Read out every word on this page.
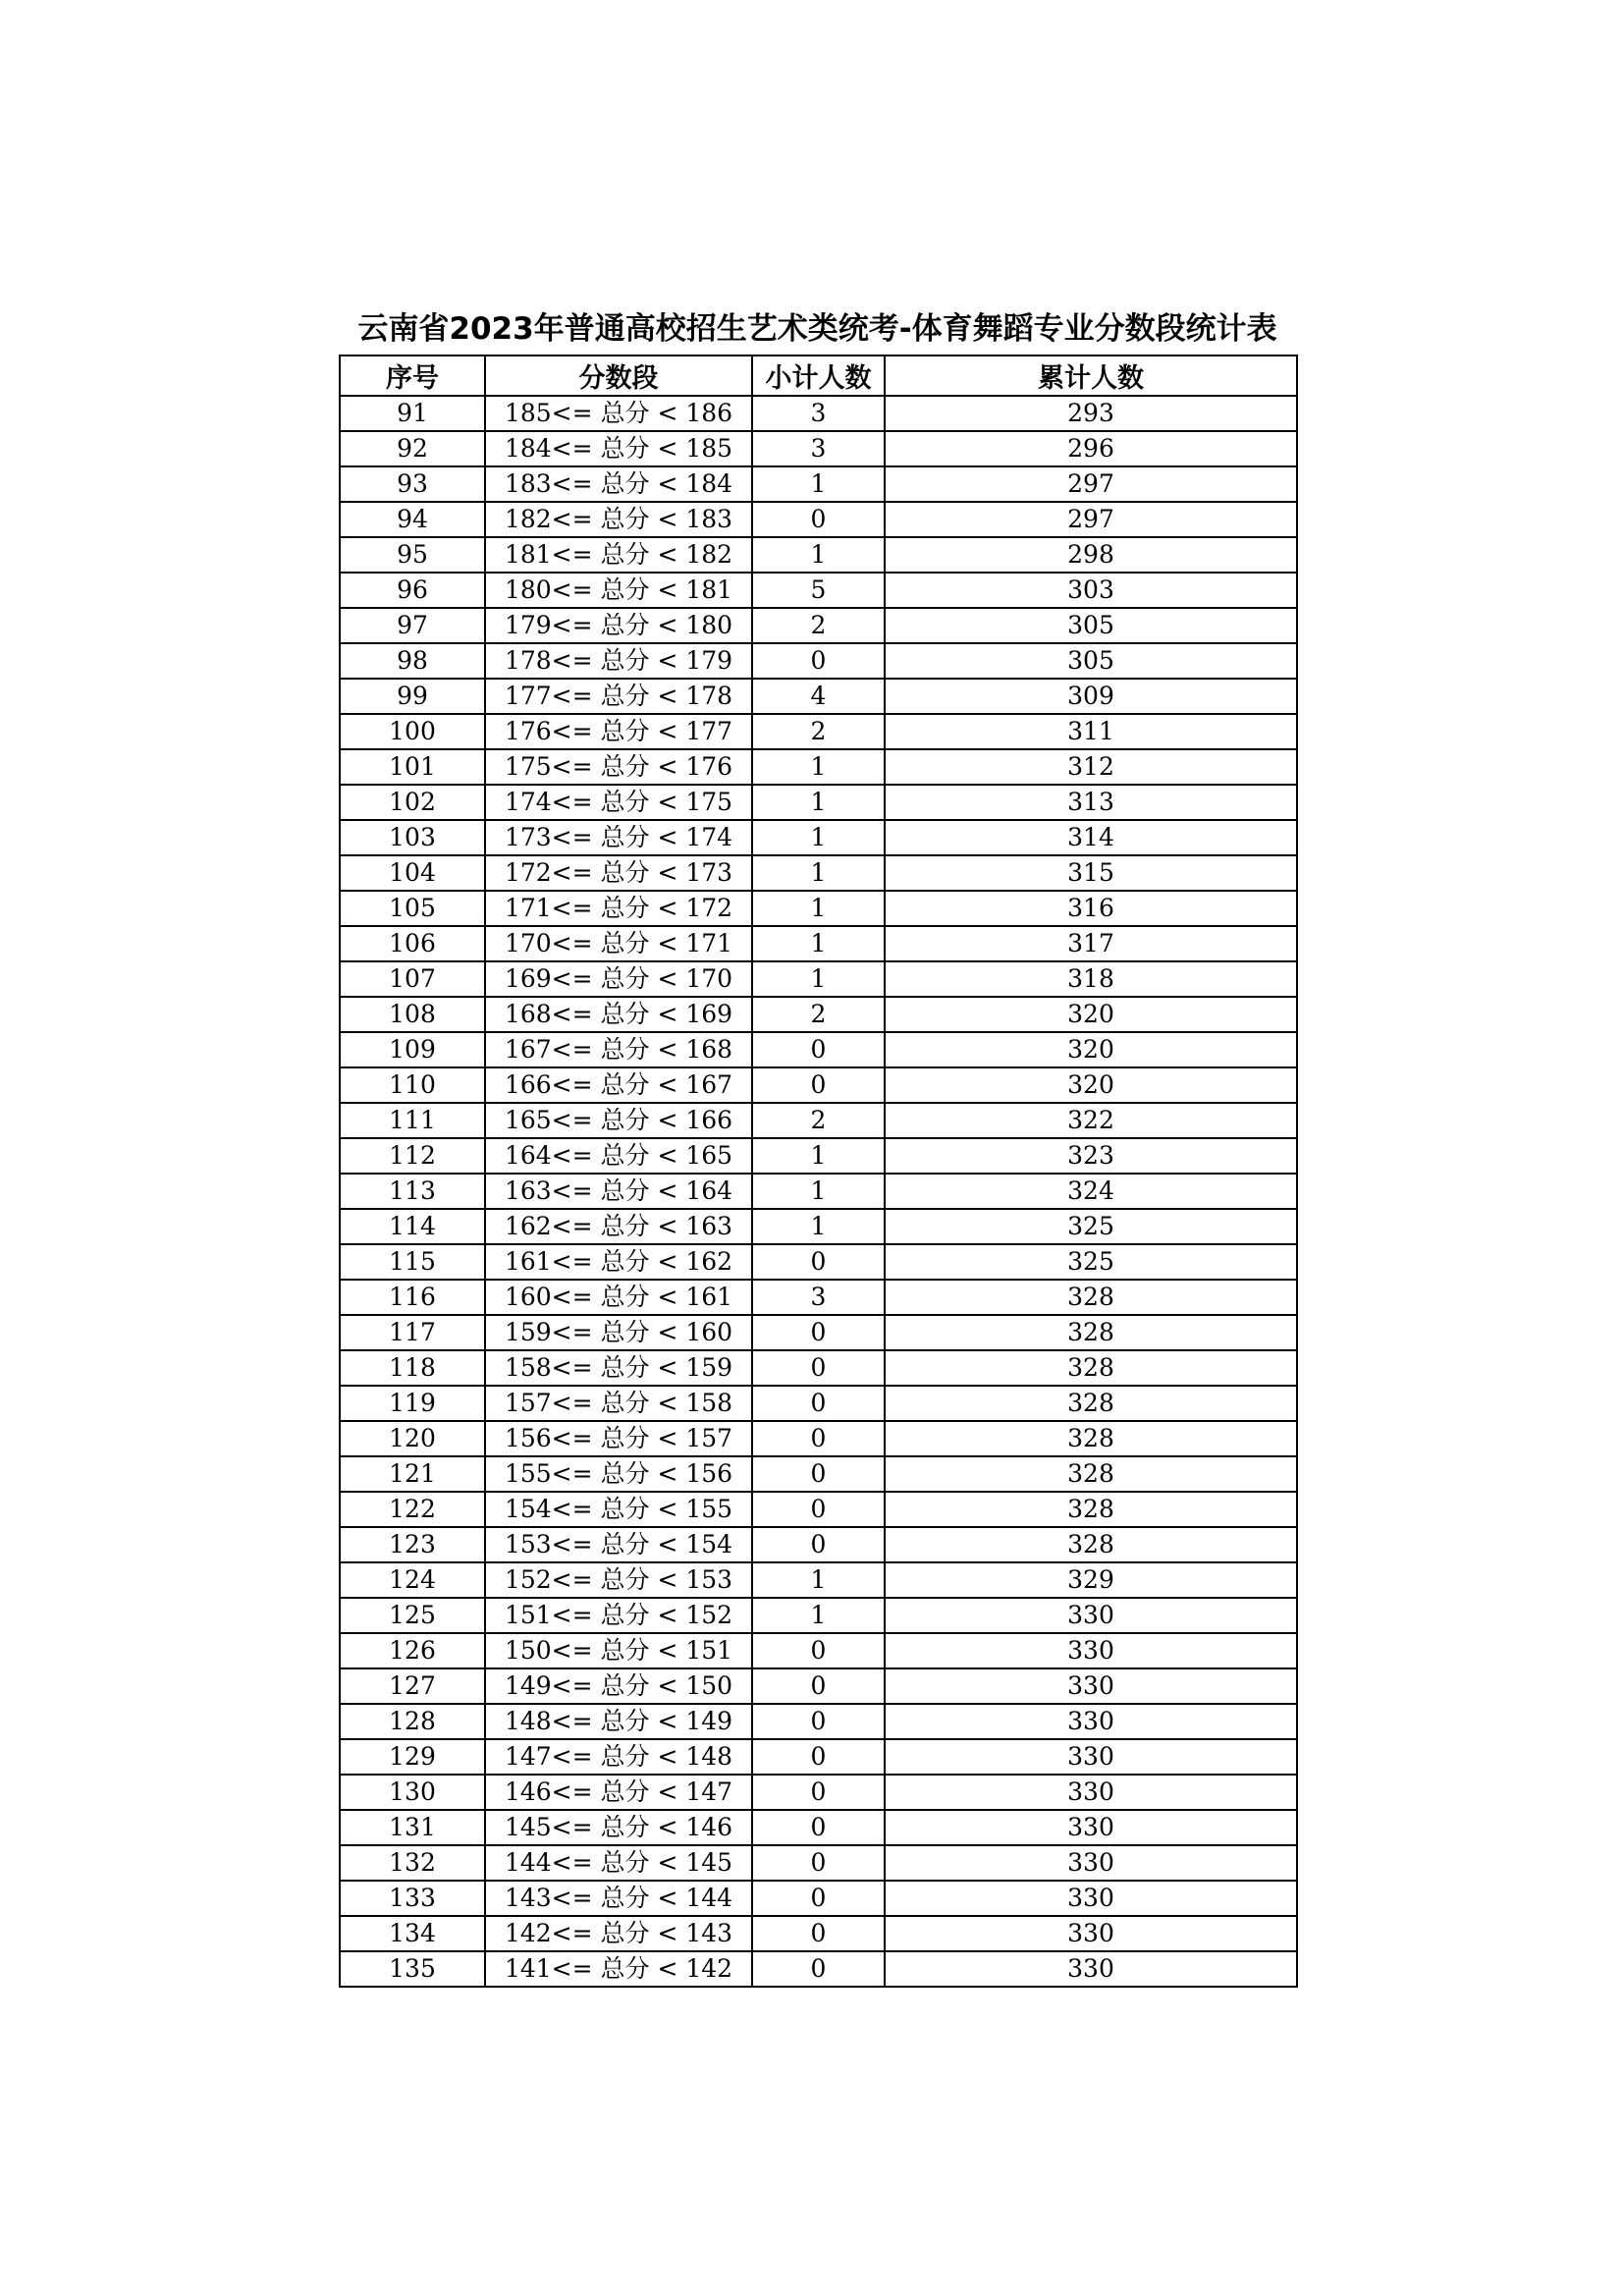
云南省2023年普通高校招生艺术类统考-体育舞蹈专业分数段统计表
序号	分数段	小计人数	累计人数
91	185<= 总分 < 186	3	293
92	184<= 总分 < 185	3	296
93	183<= 总分 < 184	1	297
94	182<= 总分 < 183	0	297
95	181<= 总分 < 182	1	298
96	180<= 总分 < 181	5	303
97	179<= 总分 < 180	2	305
98	178<= 总分 < 179	0	305
99	177<= 总分 < 178	4	309
100	176<= 总分 < 177	2	311
101	175<= 总分 < 176	1	312
102	174<= 总分 < 175	1	313
103	173<= 总分 < 174	1	314
104	172<= 总分 < 173	1	315
105	171<= 总分 < 172	1	316
106	170<= 总分 < 171	1	317
107	169<= 总分 < 170	1	318
108	168<= 总分 < 169	2	320
109	167<= 总分 < 168	0	320
110	166<= 总分 < 167	0	320
111	165<= 总分 < 166	2	322
112	164<= 总分 < 165	1	323
113	163<= 总分 < 164	1	324
114	162<= 总分 < 163	1	325
115	161<= 总分 < 162	0	325
116	160<= 总分 < 161	3	328
117	159<= 总分 < 160	0	328
118	158<= 总分 < 159	0	328
119	157<= 总分 < 158	0	328
120	156<= 总分 < 157	0	328
121	155<= 总分 < 156	0	328
122	154<= 总分 < 155	0	328
123	153<= 总分 < 154	0	328
124	152<= 总分 < 153	1	329
125	151<= 总分 < 152	1	330
126	150<= 总分 < 151	0	330
127	149<= 总分 < 150	0	330
128	148<= 总分 < 149	0	330
129	147<= 总分 < 148	0	330
130	146<= 总分 < 147	0	330
131	145<= 总分 < 146	0	330
132	144<= 总分 < 145	0	330
133	143<= 总分 < 144	0	330
134	142<= 总分 < 143	0	330
135	141<= 总分 < 142	0	330
